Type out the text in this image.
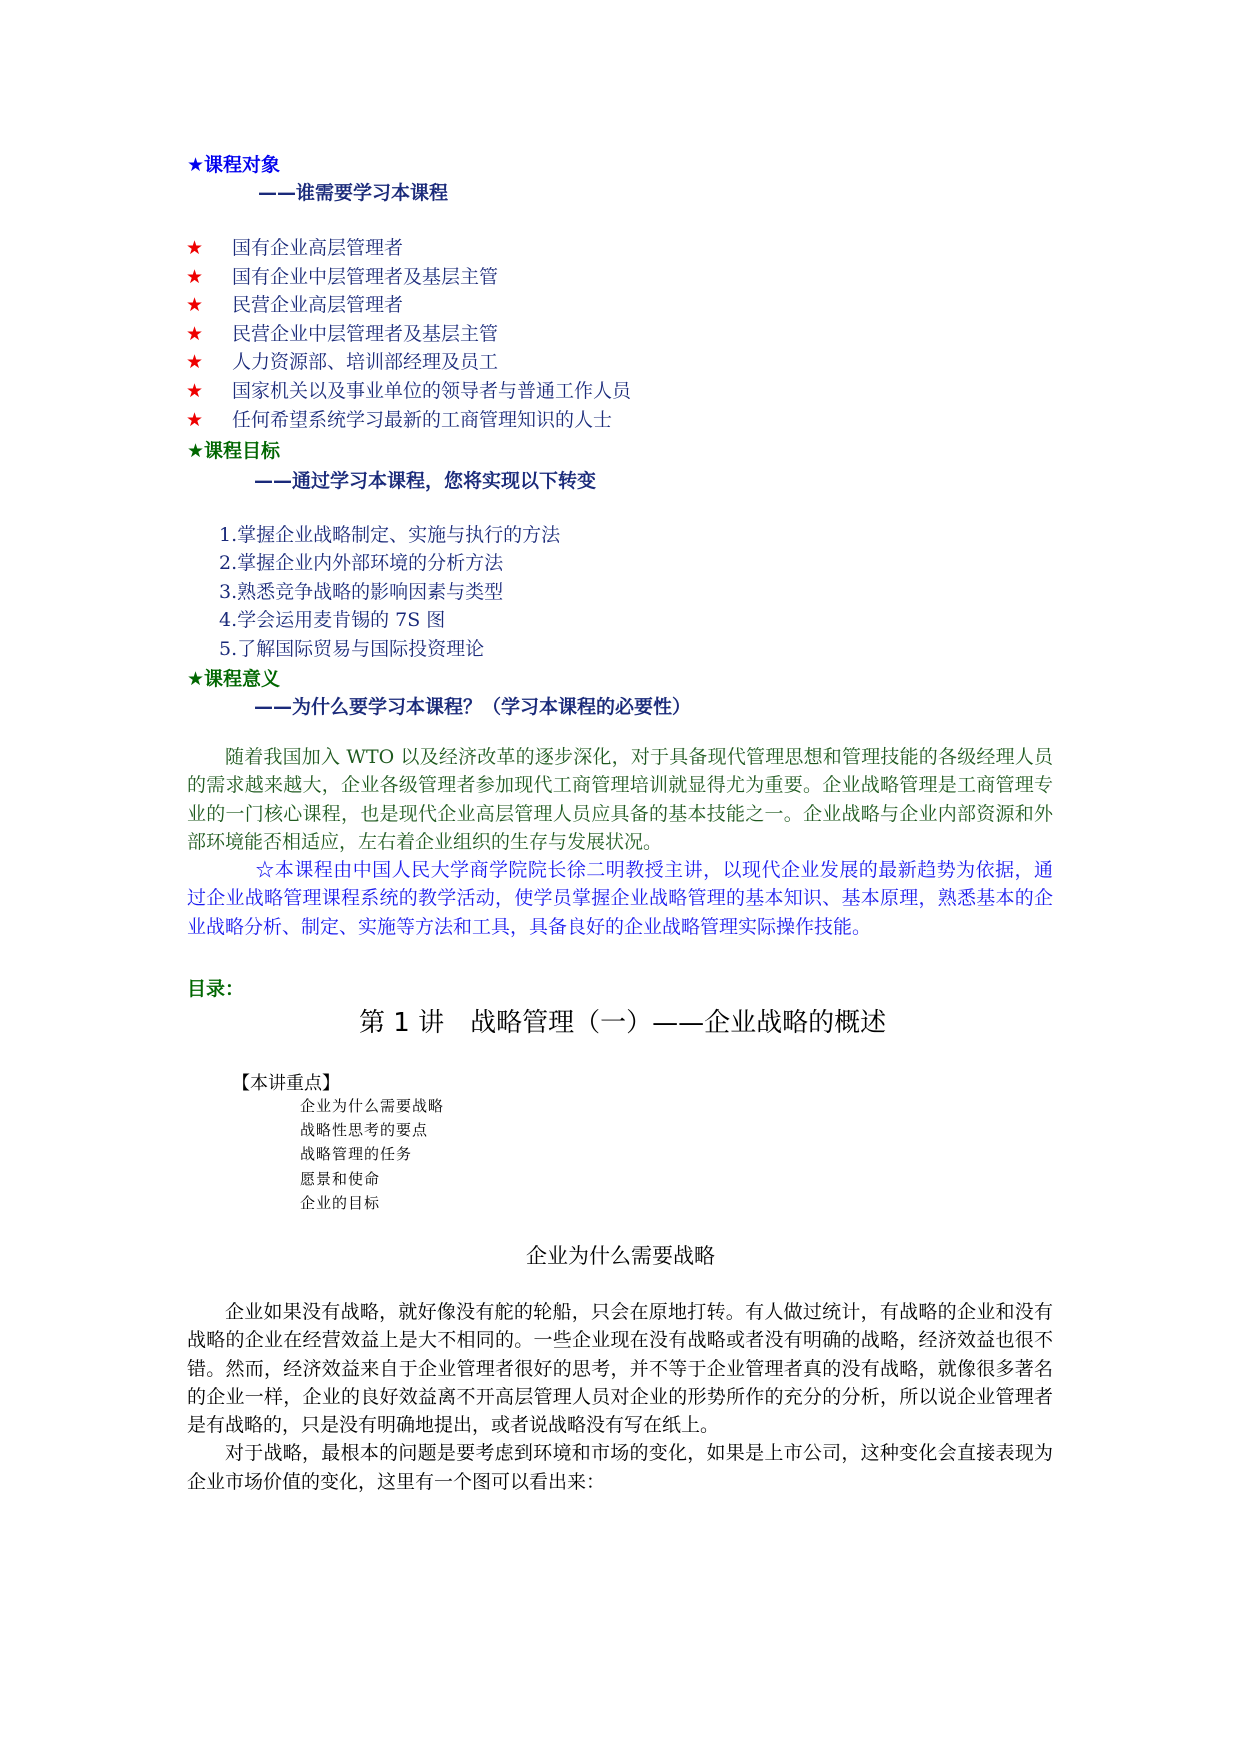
★课程对象
——谁需要学习本课程
★ 国有企业高层管理者
★ 国有企业中层管理者及基层主管
★ 民营企业高层管理者
★ 民营企业中层管理者及基层主管
★ 人力资源部、培训部经理及员工
★ 国家机关以及事业单位的领导者与普通工作人员
★ 任何希望系统学习最新的工商管理知识的人士
★课程目标
——通过学习本课程，您将实现以下转变
1.掌握企业战略制定、实施与执行的方法
2.掌握企业内外部环境的分析方法
3.熟悉竞争战略的影响因素与类型
4.学会运用麦肯锡的 7S 图
5.了解国际贸易与国际投资理论
★课程意义
——为什么要学习本课程？（学习本课程的必要性）

随着我国加入 WTO 以及经济改革的逐步深化，对于具备现代管理思想和管理技能的各级经理人员的需求越来越大，企业各级管理者参加现代工商管理培训就显得尤为重要。企业战略管理是工商管理专业的一门核心课程，也是现代企业高层管理人员应具备的基本技能之一。企业战略与企业内部资源和外部环境能否相适应，左右着企业组织的生存与发展状况。

☆本课程由中国人民大学商学院院长徐二明教授主讲，以现代企业发展的最新趋势为依据，通过企业战略管理课程系统的教学活动，使学员掌握企业战略管理的基本知识、基本原理，熟悉基本的企业战略分析、制定、实施等方法和工具，具备良好的企业战略管理实际操作技能。

目录：
第 1 讲　战略管理（一）——企业战略的概述
【本讲重点】
企业为什么需要战略
战略性思考的要点
战略管理的任务
愿景和使命
企业的目标
企业为什么需要战略

企业如果没有战略，就好像没有舵的轮船，只会在原地打转。有人做过统计，有战略的企业和没有战略的企业在经营效益上是大不相同的。一些企业现在没有战略或者没有明确的战略，经济效益也很不错。然而，经济效益来自于企业管理者很好的思考，并不等于企业管理者真的没有战略，就像很多著名的企业一样，企业的良好效益离不开高层管理人员对企业的形势所作的充分的分析，所以说企业管理者是有战略的，只是没有明确地提出，或者说战略没有写在纸上。

对于战略，最根本的问题是要考虑到环境和市场的变化，如果是上市公司，这种变化会直接表现为企业市场价值的变化，这里有一个图可以看出来：
